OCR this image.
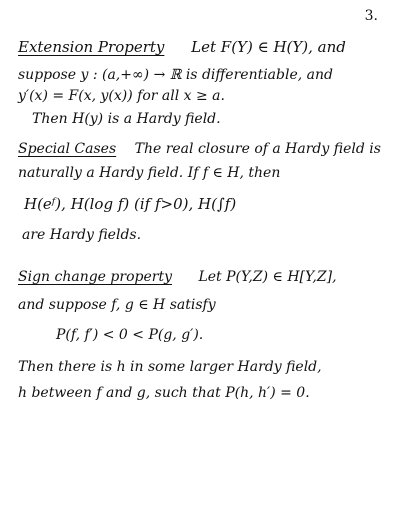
3.
Extension Property Let F(Y) ∈ H(Y), and
suppose y : (a,+∞) → ℝ is differentiable, and
y′(x) = F(x, y(x)) for all x ≥ a.
Then H(y) is a Hardy field.
Special Cases The real closure of a Hardy field is
naturally a Hardy field. If f ∈ H, then
H(eᶠ), H(log f) (if f>0), H(∫f)
are Hardy fields.
Sign change property Let P(Y,Z) ∈ H[Y,Z],
and suppose f, g ∈ H satisfy
P(f, f′) < 0 < P(g, g′).
Then there is h in some larger Hardy field,
h between f and g, such that P(h, h′) = 0.
